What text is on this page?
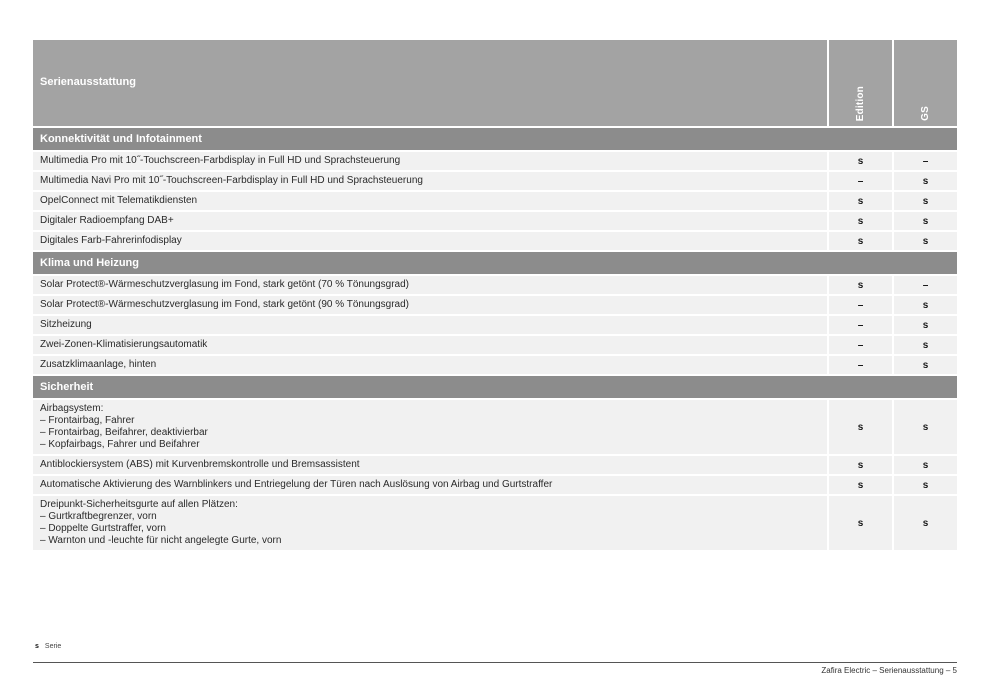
Serienausstattung
Edition	GS
Konnektivität und Infotainment
Multimedia Pro mit 10˝-Touchscreen-Farbdisplay in Full HD und Sprachsteuerung	s	–
Multimedia Navi Pro mit 10˝-Touchscreen-Farbdisplay in Full HD und Sprachsteuerung	–	s
OpelConnect mit Telematikdiensten	s	s
Digitaler Radioempfang DAB+	s	s
Digitales Farb-Fahrerinfodisplay	s	s
Klima und Heizung
Solar Protect®-Wärmeschutzverglasung im Fond, stark getönt (70 % Tönungsgrad)	s	–
Solar Protect®-Wärmeschutzverglasung im Fond, stark getönt (90 % Tönungsgrad)	–	s
Sitzheizung	–	s
Zwei-Zonen-Klimatisierungsautomatik	–	s
Zusatzklimaanlage, hinten	–	s
Sicherheit
Airbagsystem:
– Frontairbag, Fahrer
– Frontairbag, Beifahrer, deaktivierbar
– Kopfairbags, Fahrer und Beifahrer
s	s
Antiblockiersystem (ABS) mit Kurvenbremskontrolle und Bremsassistent	s	s
Automatische Aktivierung des Warnblinkers und Entriegelung der Türen nach Auslösung von Airbag und Gurtstraffer	s	s
Dreipunkt-Sicherheitsgurte auf allen Plätzen:
– Gurtkraftbegrenzer, vorn
– Doppelte Gurtstraffer, vorn
– Warnton und -leuchte für nicht angelegte Gurte, vorn
s	s
s Serie
Zafira Electric – Serienausstattung – 5
